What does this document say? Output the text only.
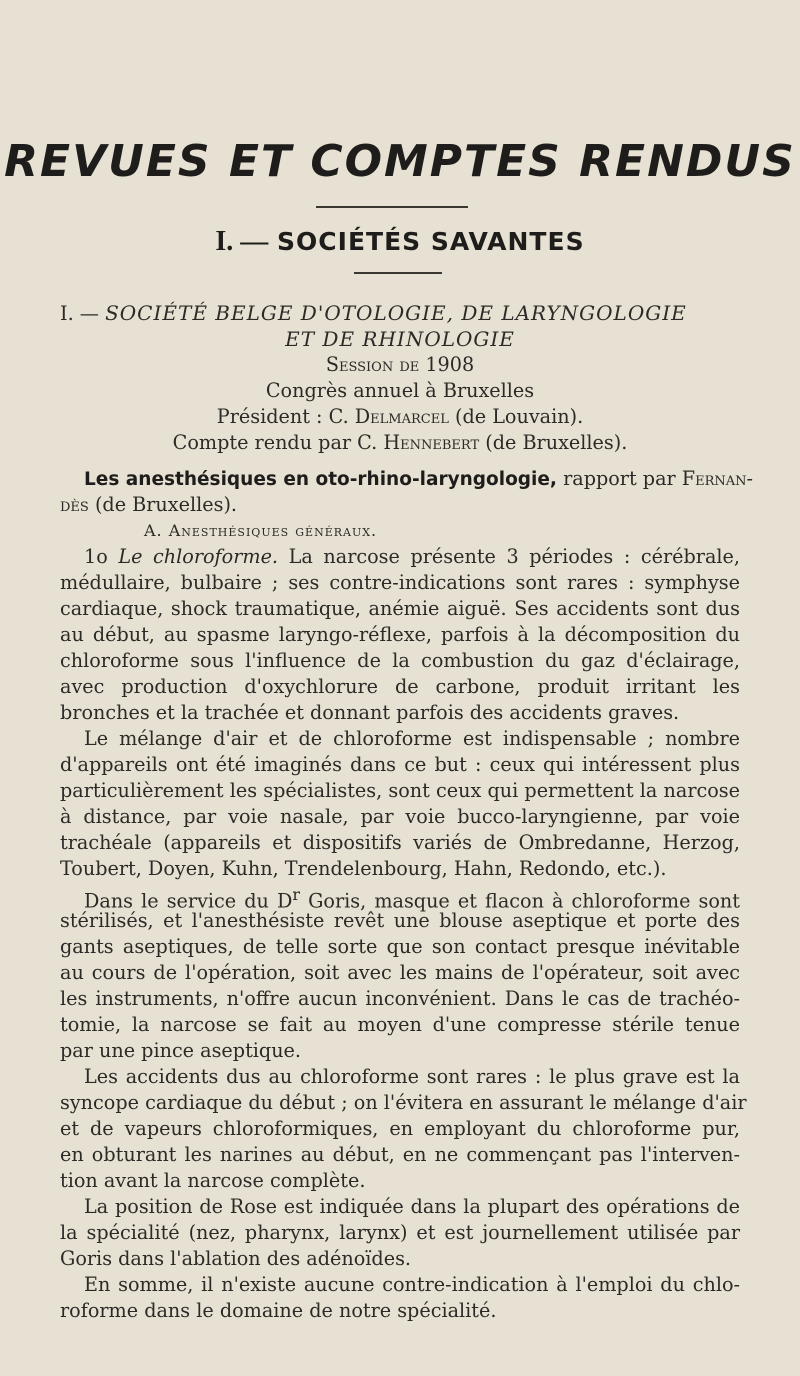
REVUES ET COMPTES RENDUS
I. — SOCIÉTÉS SAVANTES
I. — SOCIÉTÉ BELGE D'OTOLOGIE, DE LARYNGOLOGIE
ET DE RHINOLOGIE
Session de 1908
Congrès annuel à Bruxelles
Président : C. Delmarcel (de Louvain).
Compte rendu par C. Hennebert (de Bruxelles).
Les anesthésiques en oto-rhino-laryngologie, rapport par Fernan-
dès (de Bruxelles).
A. Anesthésiques généraux.
1o Le chloroforme. La narcose présente 3 périodes : cérébrale,
médullaire, bulbaire ; ses contre-indications sont rares : symphyse
cardiaque, shock traumatique, anémie aiguë. Ses accidents sont dus
au début, au spasme laryngo-réflexe, parfois à la décomposition du
chloroforme sous l'influence de la combustion du gaz d'éclairage,
avec production d'oxychlorure de carbone, produit irritant les
bronches et la trachée et donnant parfois des accidents graves.
Le mélange d'air et de chloroforme est indispensable ; nombre
d'appareils ont été imaginés dans ce but : ceux qui intéressent plus
particulièrement les spécialistes, sont ceux qui permettent la narcose
à distance, par voie nasale, par voie bucco-laryngienne, par voie
trachéale (appareils et dispositifs variés de Ombredanne, Herzog,
Toubert, Doyen, Kuhn, Trendelenbourg, Hahn, Redondo, etc.).
Dans le service du $D^r$ Goris, masque et flacon à chloroforme sont
stérilisés, et l'anesthésiste revêt une blouse aseptique et porte des
gants aseptiques, de telle sorte que son contact presque inévitable
au cours de l'opération, soit avec les mains de l'opérateur, soit avec
les instruments, n'offre aucun inconvénient. Dans le cas de trachéo-
tomie, la narcose se fait au moyen d'une compresse stérile tenue
par une pince aseptique.
Les accidents dus au chloroforme sont rares : le plus grave est la
syncope cardiaque du début ; on l'évitera en assurant le mélange d'air
et de vapeurs chloroformiques, en employant du chloroforme pur,
en obturant les narines au début, en ne commençant pas l'interven-
tion avant la narcose complète.
La position de Rose est indiquée dans la plupart des opérations de
la spécialité (nez, pharynx, larynx) et est journellement utilisée par
Goris dans l'ablation des adénoïdes.
En somme, il n'existe aucune contre-indication à l'emploi du chlo-
roforme dans le domaine de notre spécialité.
